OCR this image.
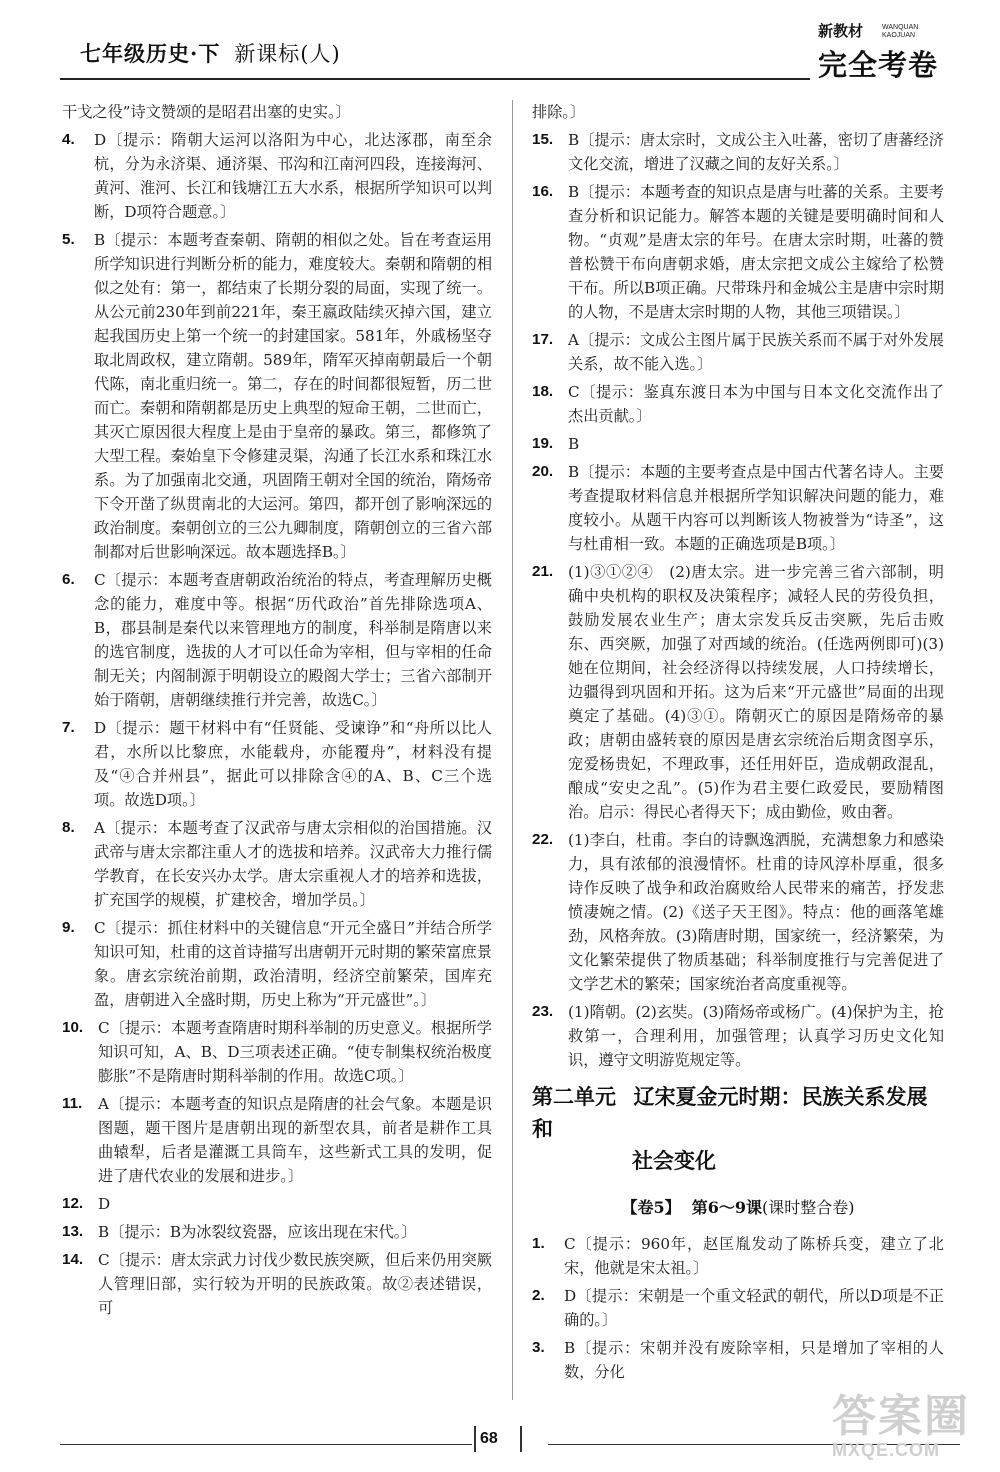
七年级历史·下 新课标(人)
新教材	WANQUAN
KAOJUAN
完全考卷
干戈之役”诗文赞颂的是昭君出塞的史实。〕
4. D〔提示：隋朝大运河以洛阳为中心，北达涿郡，南至余杭，分为永济渠、通济渠、邗沟和江南河四段，连接海河、黄河、淮河、长江和钱塘江五大水系，根据所学知识可以判断，D项符合题意。〕
5. B〔提示：本题考查秦朝、隋朝的相似之处。旨在考查运用所学知识进行判断分析的能力，难度较大。秦朝和隋朝的相似之处有：第一，都结束了长期分裂的局面，实现了统一。从公元前230年到前221年，秦王嬴政陆续灭掉六国，建立起我国历史上第一个统一的封建国家。581年，外戚杨坚夺取北周政权，建立隋朝。589年，隋军灭掉南朝最后一个朝代陈，南北重归统一。第二，存在的时间都很短暂，历二世而亡。秦朝和隋朝都是历史上典型的短命王朝，二世而亡，其灭亡原因很大程度上是由于皇帝的暴政。第三，都修筑了大型工程。秦始皇下令修建灵渠，沟通了长江水系和珠江水系。为了加强南北交通，巩固隋王朝对全国的统治，隋炀帝下令开凿了纵贯南北的大运河。第四，都开创了影响深远的政治制度。秦朝创立的三公九卿制度，隋朝创立的三省六部制都对后世影响深远。故本题选择B。〕
6. C〔提示：本题考查唐朝政治统治的特点，考查理解历史概念的能力，难度中等。根据“历代政治”首先排除选项A、B，郡县制是秦代以来管理地方的制度，科举制是隋唐以来的选官制度，选拔的人才可以任命为宰相，但与宰相的任命制无关；内阁制源于明朝设立的殿阁大学士；三省六部制开始于隋朝，唐朝继续推行并完善，故选C。〕
7. D〔提示：题干材料中有“任贤能、受谏诤”和“舟所以比人君，水所以比黎庶，水能载舟，亦能覆舟”，材料没有提及“④合并州县”，据此可以排除含④的A、B、C三个选项。故选D项。〕
8. A〔提示：本题考查了汉武帝与唐太宗相似的治国措施。汉武帝与唐太宗都注重人才的选拔和培养。汉武帝大力推行儒学教育，在长安兴办太学。唐太宗重视人才的培养和选拔，扩充国学的规模，扩建校舍，增加学员。〕
9. C〔提示：抓住材料中的关键信息“开元全盛日”并结合所学知识可知，杜甫的这首诗描写出唐朝开元时期的繁荣富庶景象。唐玄宗统治前期，政治清明，经济空前繁荣，国库充盈，唐朝进入全盛时期，历史上称为“开元盛世”。〕
10. C〔提示：本题考查隋唐时期科举制的历史意义。根据所学知识可知，A、B、D三项表述正确。“使专制集权统治极度膨胀”不是隋唐时期科举制的作用。故选C项。〕
11. A〔提示：本题考查的知识点是隋唐的社会气象。本题是识图题，题干图片是唐朝出现的新型农具，前者是耕作工具曲辕犁，后者是灌溉工具筒车，这些新式工具的发明，促进了唐代农业的发展和进步。〕
12. D
13. B〔提示：B为冰裂纹瓷器，应该出现在宋代。〕
14. C〔提示：唐太宗武力讨伐少数民族突厥，但后来仍用突厥人管理旧部，实行较为开明的民族政策。故②表述错误，可
排除。〕
15. B〔提示：唐太宗时，文成公主入吐蕃，密切了唐蕃经济文化交流，增进了汉藏之间的友好关系。〕
16. B〔提示：本题考查的知识点是唐与吐蕃的关系。主要考查分析和识记能力。解答本题的关键是要明确时间和人物。“贞观”是唐太宗的年号。在唐太宗时期，吐蕃的赞普松赞干布向唐朝求婚，唐太宗把文成公主嫁给了松赞干布。所以B项正确。尺带珠丹和金城公主是唐中宗时期的人物，不是唐太宗时期的人物，其他三项错误。〕
17. A〔提示：文成公主图片属于民族关系而不属于对外发展关系，故不能入选。〕
18. C〔提示：鉴真东渡日本为中国与日本文化交流作出了杰出贡献。〕
19. B
20. B〔提示：本题的主要考查点是中国古代著名诗人。主要考查提取材料信息并根据所学知识解决问题的能力，难度较小。从题干内容可以判断该人物被誉为“诗圣”，这与杜甫相一致。本题的正确选项是B项。〕
21. (1)③①②④　(2)唐太宗。进一步完善三省六部制，明确中央机构的职权及决策程序；减轻人民的劳役负担，鼓励发展农业生产；唐太宗发兵反击突厥，先后击败东、西突厥，加强了对西域的统治。(任选两例即可)(3)她在位期间，社会经济得以持续发展，人口持续增长，边疆得到巩固和开拓。这为后来“开元盛世”局面的出现奠定了基础。(4)③①。隋朝灭亡的原因是隋炀帝的暴政；唐朝由盛转衰的原因是唐玄宗统治后期贪图享乐，宠爱杨贵妃，不理政事，还任用奸臣，造成朝政混乱，酿成“安史之乱”。(5)作为君主要仁政爱民，要励精图治。启示：得民心者得天下；成由勤俭，败由奢。
22. (1)李白，杜甫。李白的诗飘逸洒脱，充满想象力和感染力，具有浓郁的浪漫情怀。杜甫的诗风淳朴厚重，很多诗作反映了战争和政治腐败给人民带来的痛苦，抒发悲愤凄婉之情。(2)《送子天王图》。特点：他的画落笔雄劲，风格奔放。(3)隋唐时期，国家统一，经济繁荣，为文化繁荣提供了物质基础；科举制度推行与完善促进了文学艺术的繁荣；国家统治者高度重视等。
23. (1)隋朝。(2)玄奘。(3)隋炀帝或杨广。(4)保护为主，抢救第一，合理利用，加强管理；认真学习历史文化知识，遵守文明游览规定等。
第二单元 辽宋夏金元时期：民族关系发展和
社会变化
【卷5】 第6～9课(课时整合卷)
1. C〔提示：960年，赵匡胤发动了陈桥兵变，建立了北宋，他就是宋太祖。〕
2. D〔提示：宋朝是一个重文轻武的朝代，所以D项是不正确的。〕
3. B〔提示：宋朝并没有废除宰相，只是增加了宰相的人数，分化
68	答案圈
MXQE.COM
